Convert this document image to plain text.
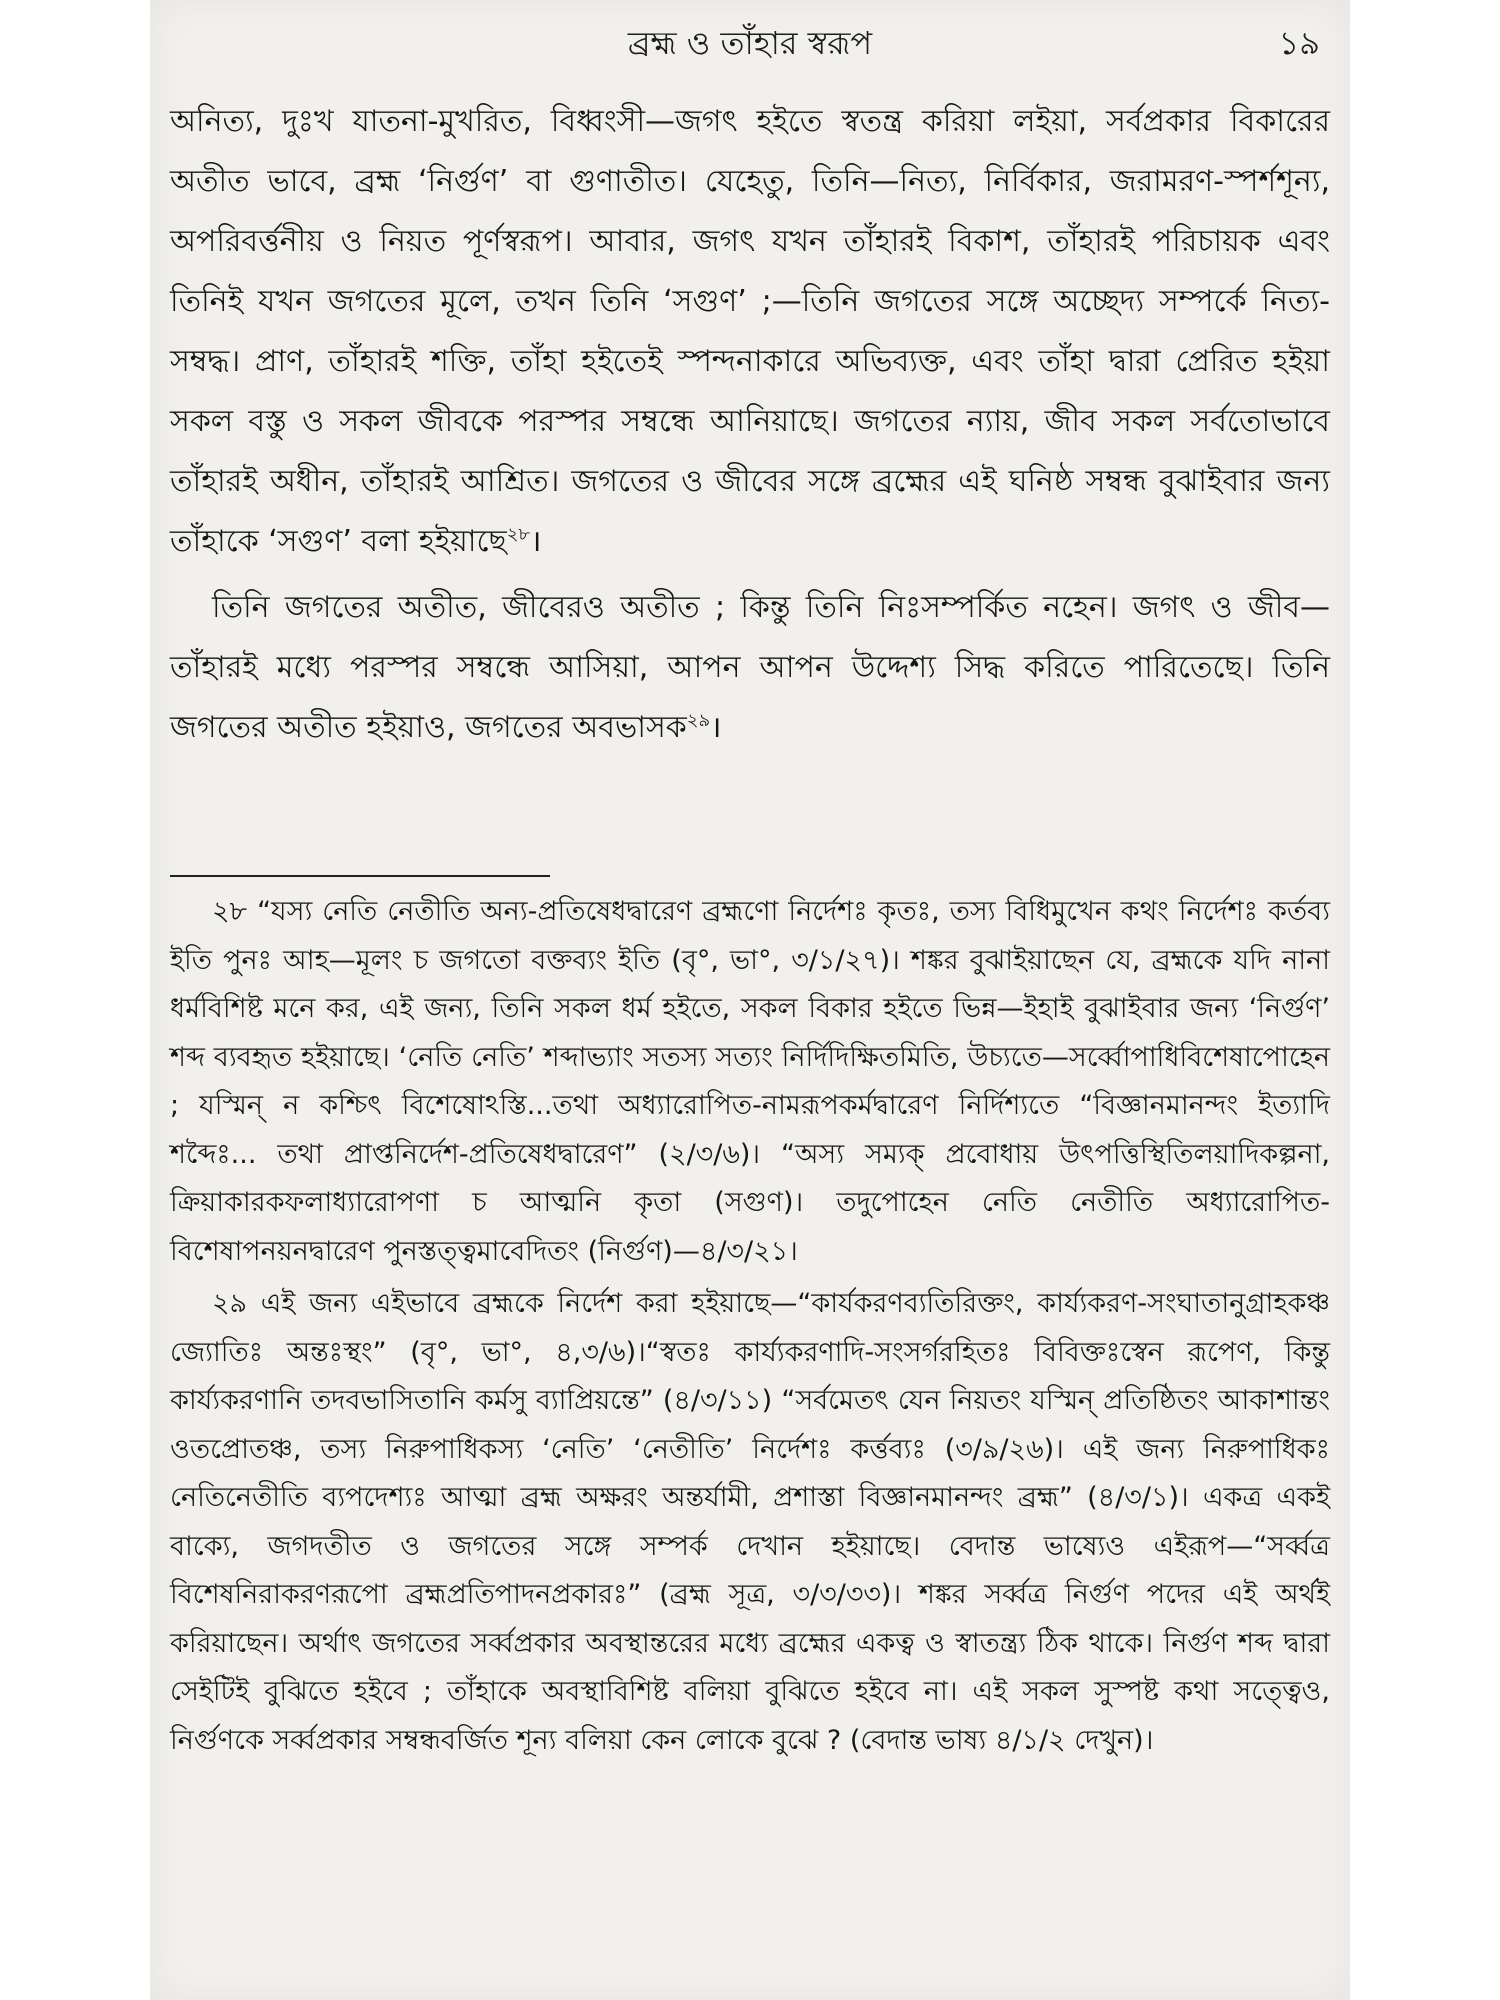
ব্রহ্ম ও তাঁহার স্বরূপ	১৯

অনিত্য, দুঃখ যাতনা-মুখরিত, বিধ্বংসী—জগৎ হইতে স্বতন্ত্র করিয়া লইয়া, সর্বপ্রকার বিকারের অতীত ভাবে, ব্রহ্ম ‘নির্গুণ’ বা গুণাতীত। যেহেতু, তিনি—নিত্য, নির্বিকার, জরামরণ-স্পর্শশূন্য, অপরিবর্ত্তনীয় ও নিয়ত পূর্ণস্বরূপ। আবার, জগৎ যখন তাঁহারই বিকাশ, তাঁহারই পরিচায়ক এবং তিনিই যখন জগতের মূলে, তখন তিনি ‘সগুণ’ ;—তিনি জগতের সঙ্গে অচ্ছেদ্য সম্পর্কে নিত্য-সম্বদ্ধ। প্রাণ, তাঁহারই শক্তি, তাঁহা হইতেই স্পন্দনাকারে অভিব্যক্ত, এবং তাঁহা দ্বারা প্রেরিত হইয়া সকল বস্তু ও সকল জীবকে পরস্পর সম্বন্ধে আনিয়াছে। জগতের ন্যায়, জীব সকল সর্বতোভাবে তাঁহারই অধীন, তাঁহারই আশ্রিত। জগতের ও জীবের সঙ্গে ব্রহ্মের এই ঘনিষ্ঠ সম্বন্ধ বুঝাইবার জন্য তাঁহাকে ‘সগুণ’ বলা হইয়াছে$^{২৮}$।

তিনি জগতের অতীত, জীবেরও অতীত ; কিন্তু তিনি নিঃসম্পর্কিত নহেন। জগৎ ও জীব—তাঁহারই মধ্যে পরস্পর সম্বন্ধে আসিয়া, আপন আপন উদ্দেশ্য সিদ্ধ করিতে পারিতেছে। তিনি জগতের অতীত হইয়াও, জগতের অবভাসক$^{২৯}$।

২৮ “যস্য নেতি নেতীতি অন্য-প্রতিষেধদ্বারেণ ব্রহ্মণো নির্দেশঃ কৃতঃ, তস্য বিধিমুখেন কথং নির্দেশঃ কর্তব্য ইতি পুনঃ আহ—মূলং চ জগতো বক্তব্যং ইতি (বৃ°, ভা°, ৩/১/২৭)। শঙ্কর বুঝাইয়াছেন যে, ব্রহ্মকে যদি নানা ধর্মবিশিষ্ট মনে কর, এই জন্য, তিনি সকল ধর্ম হইতে, সকল বিকার হইতে ভিন্ন—ইহাই বুঝাইবার জন্য ‘নির্গুণ’ শব্দ ব্যবহৃত হইয়াছে। ‘নেতি নেতি’ শব্দাভ্যাং সতস্য সত্যং নির্দিদিক্ষিতমিতি, উচ্যতে—সর্ব্বোপাধিবিশেষাপোহেন ; যস্মিন্ ন কশ্চিৎ বিশেষোঽস্তি...তথা অধ্যারোপিত-নামরূপকর্মদ্বারেণ নির্দিশ্যতে “বিজ্ঞানমানন্দং ইত্যাদি শব্দৈঃ... তথা প্রাপ্তনির্দেশ-প্রতিষেধদ্বারেণ” (২/৩/৬)। “অস্য সম্যক্ প্রবোধায় উৎপত্তিস্থিতিলয়াদিকল্পনা, ক্রিয়াকারকফলাধ্যারোপণা চ আত্মনি কৃতা (সগুণ)। তদুপোহেন নেতি নেতীতি অধ্যারোপিত-বিশেষাপনয়নদ্বারেণ পুনস্তত্ত্বমাবেদিতং (নির্গুণ)—৪/৩/২১।

২৯ এই জন্য এইভাবে ব্রহ্মকে নির্দেশ করা হইয়াছে—“কার্যকরণব্যতিরিক্তং, কার্য্যকরণ-সংঘাতানুগ্রাহকঞ্চ জ্যোতিঃ অন্তঃস্থং” (বৃ°, ভা°, ৪,৩/৬)।“স্বতঃ কার্য্যকরণাদি-সংসর্গরহিতঃ বিবিক্তঃস্বেন রূপেণ, কিন্তু কার্য্যকরণানি তদবভাসিতানি কর্মসু ব্যাপ্রিয়ন্তে” (৪/৩/১১) “সর্বমেতৎ যেন নিয়তং যস্মিন্ প্রতিষ্ঠিতং আকাশান্তং ওতপ্রোতঞ্চ, তস্য নিরুপাধিকস্য ‘নেতি’ ‘নেতীতি’ নির্দেশঃ কর্ত্তব্যঃ (৩/৯/২৬)। এই জন্য নিরুপাধিকঃ নেতিনেতীতি ব্যপদেশ্যঃ আত্মা ব্রহ্ম অক্ষরং অন্তর্যামী, প্রশাস্তা বিজ্ঞানমানন্দং ব্রহ্ম” (৪/৩/১)। একত্র একই বাক্যে, জগদতীত ও জগতের সঙ্গে সম্পর্ক দেখান হইয়াছে। বেদান্ত ভাষ্যেও এইরূপ—“সর্ব্বত্র বিশেষনিরাকরণরূপো ব্রহ্মপ্রতিপাদনপ্রকারঃ” (ব্রহ্ম সূত্র, ৩/৩/৩৩)। শঙ্কর সর্ব্বত্র নির্গুণ পদের এই অর্থই করিয়াছেন। অর্থাৎ জগতের সর্ব্বপ্রকার অবস্থান্তরের মধ্যে ব্রহ্মের একত্ব ও স্বাতন্ত্র্য ঠিক থাকে। নির্গুণ শব্দ দ্বারা সেইটিই বুঝিতে হইবে ; তাঁহাকে অবস্থাবিশিষ্ট বলিয়া বুঝিতে হইবে না। এই সকল সুস্পষ্ট কথা সত্ত্বেও, নির্গুণকে সর্ব্বপ্রকার সম্বন্ধবর্জিত শূন্য বলিয়া কেন লোকে বুঝে ? (বেদান্ত ভাষ্য ৪/১/২ দেখুন)।
